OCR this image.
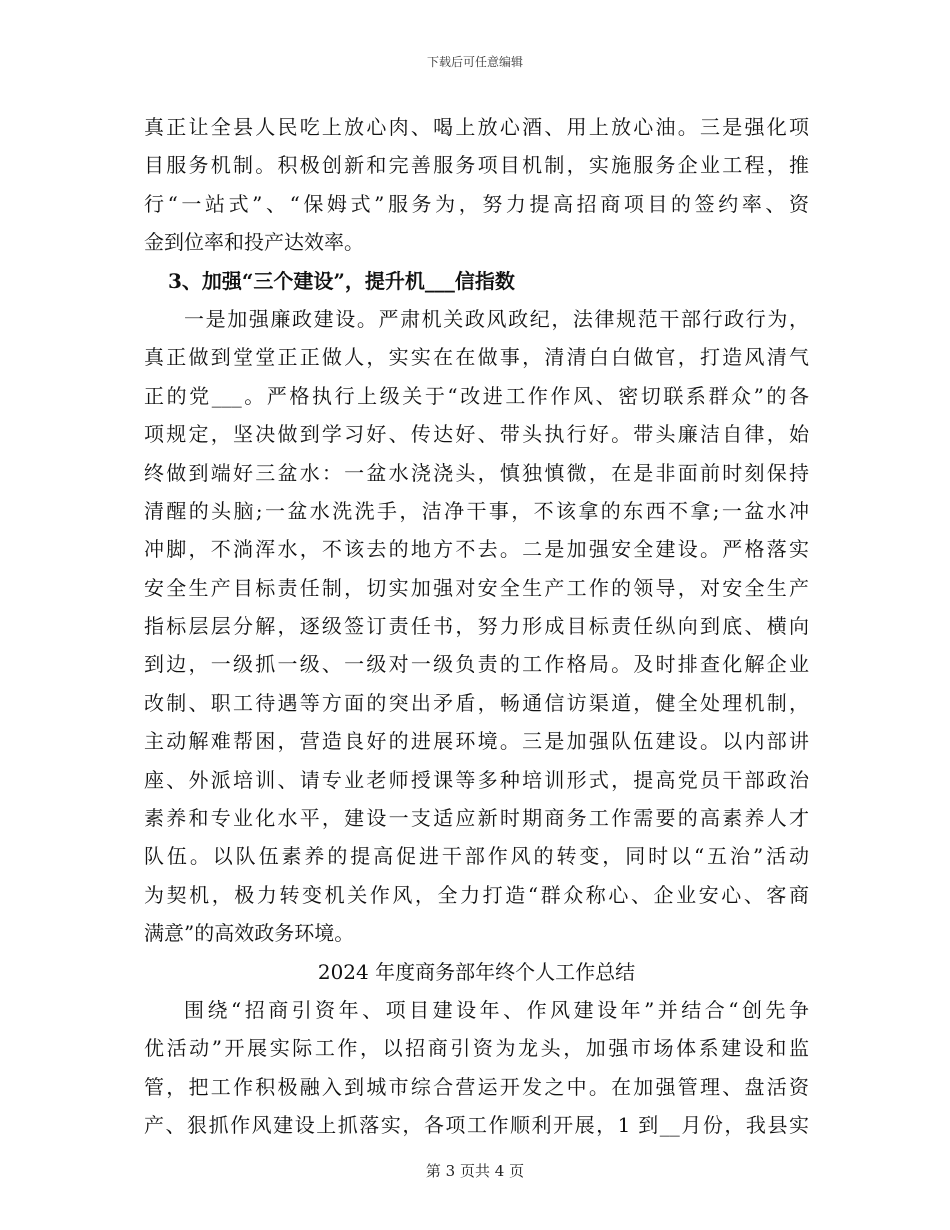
下载后可任意编辑
真正让全县人民吃上放心肉、喝上放心酒、用上放心油。三是强化项
目服务机制。积极创新和完善服务项目机制，实施服务企业工程，推
行“一站式”、“保姆式”服务为，努力提高招商项目的签约率、资
金到位率和投产达效率。
3、加强“三个建设”，提升机___信指数
一是加强廉政建设。严肃机关政风政纪，法律规范干部行政行为，
真正做到堂堂正正做人，实实在在做事，清清白白做官，打造风清气
正的党___。严格执行上级关于“改进工作作风、密切联系群众”的各
项规定，坚决做到学习好、传达好、带头执行好。带头廉洁自律，始
终做到端好三盆水：一盆水浇浇头，慎独慎微，在是非面前时刻保持
清醒的头脑;一盆水洗洗手，洁净干事，不该拿的东西不拿;一盆水冲
冲脚，不淌浑水，不该去的地方不去。二是加强安全建设。严格落实
安全生产目标责任制，切实加强对安全生产工作的领导，对安全生产
指标层层分解，逐级签订责任书，努力形成目标责任纵向到底、横向
到边，一级抓一级、一级对一级负责的工作格局。及时排查化解企业
改制、职工待遇等方面的突出矛盾，畅通信访渠道，健全处理机制，
主动解难帮困，营造良好的进展环境。三是加强队伍建设。以内部讲
座、外派培训、请专业老师授课等多种培训形式，提高党员干部政治
素养和专业化水平，建设一支适应新时期商务工作需要的高素养人才
队伍。以队伍素养的提高促进干部作风的转变，同时以“五治”活动
为契机，极力转变机关作风，全力打造“群众称心、企业安心、客商
满意”的高效政务环境。
2024 年度商务部年终个人工作总结
围绕“招商引资年、项目建设年、作风建设年”并结合“创先争
优活动”开展实际工作，以招商引资为龙头，加强市场体系建设和监
管，把工作积极融入到城市综合营运开发之中。在加强管理、盘活资
产、狠抓作风建设上抓落实，各项工作顺利开展，1 到__月份，我县实
第 3 页共 4 页
